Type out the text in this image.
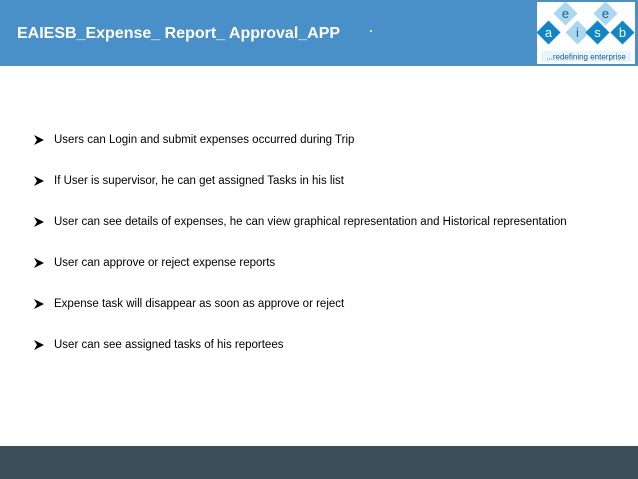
EAIESB_Expense_ Report_ Approval_APP
e	e
a i s b
...redefining enterprise
Users can Login and submit expenses occurred during Trip
If User is supervisor, he can get assigned Tasks in his list
User can see details of expenses, he can view graphical representation and Historical representation
User can approve or reject expense reports
Expense task will disappear as soon as approve or reject
User can see assigned tasks of his reportees
